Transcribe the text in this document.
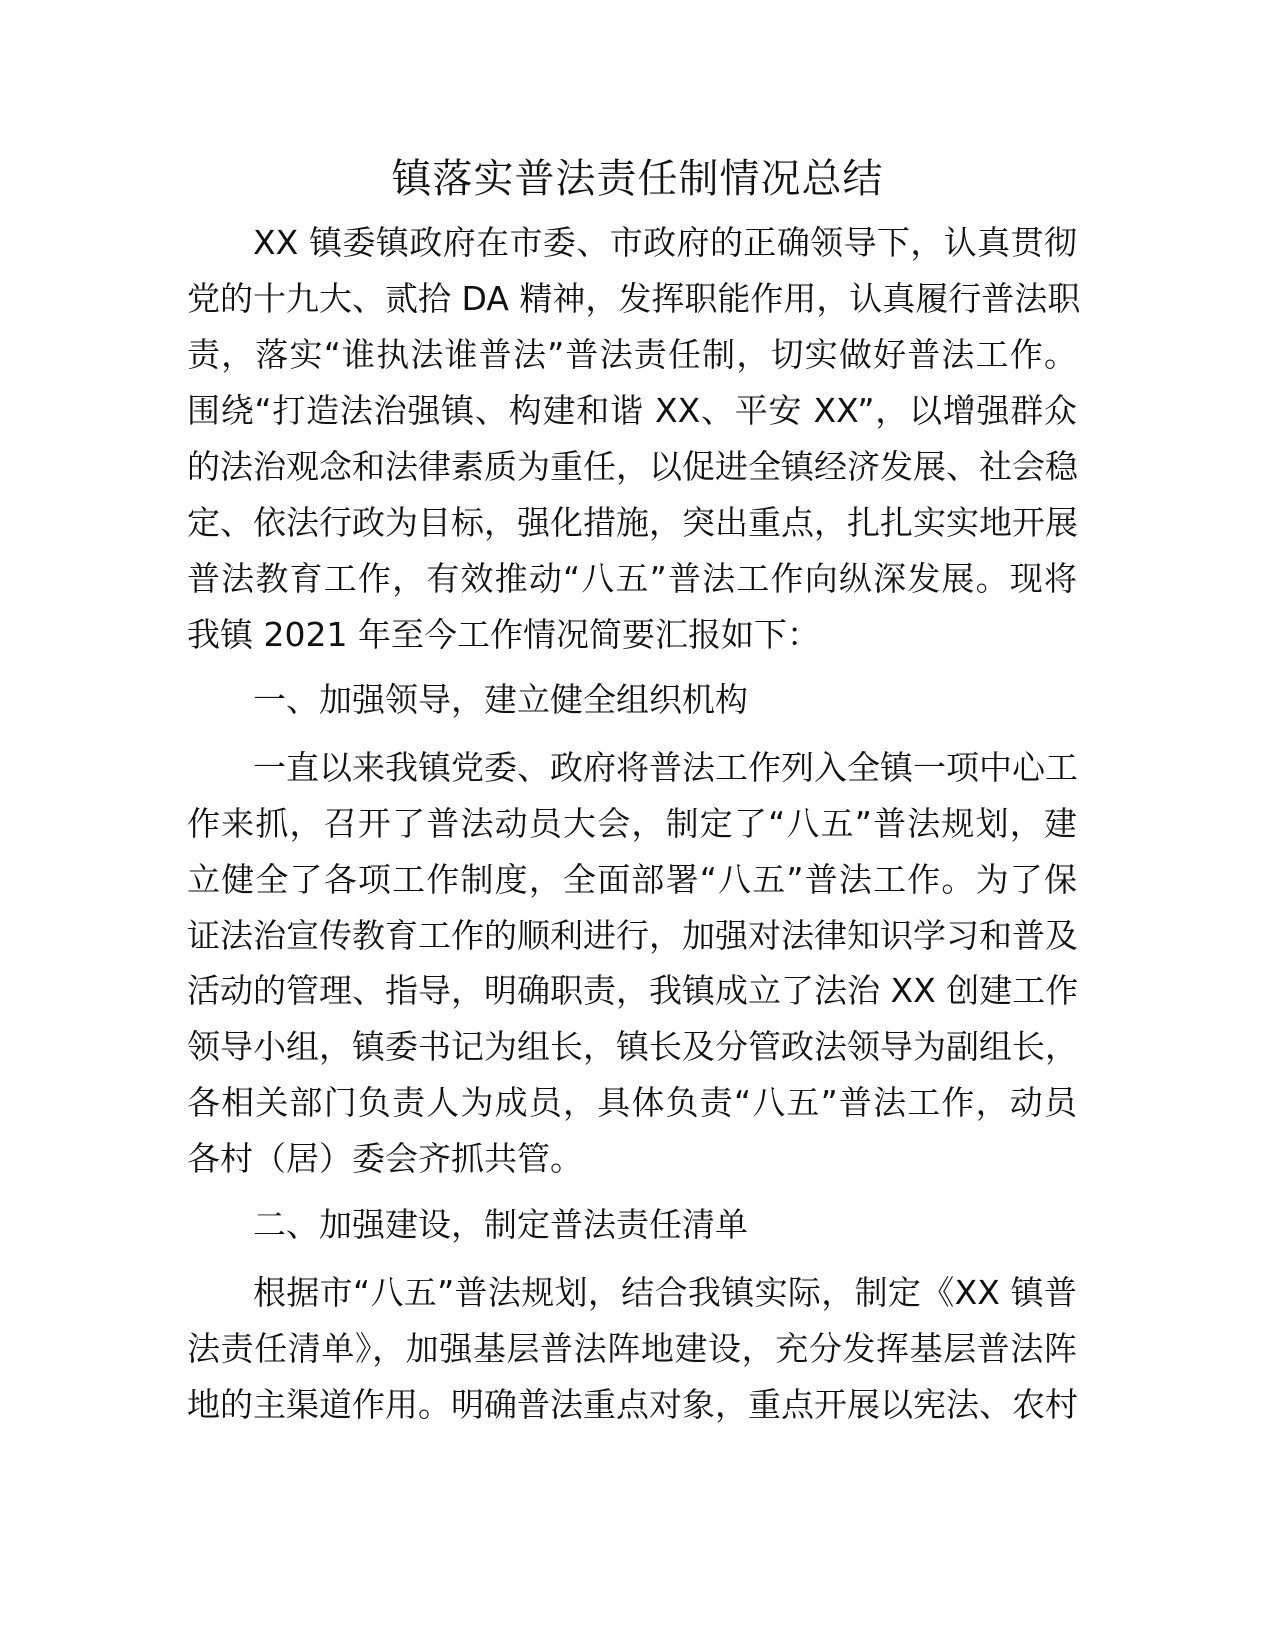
镇落实普法责任制情况总结
XX 镇委镇政府在市委、市政府的正确领导下，认真贯彻
党的十九大、贰拾 DA 精神，发挥职能作用，认真履行普法职
责，落实“谁执法谁普法”普法责任制，切实做好普法工作。
围绕“打造法治强镇、构建和谐 XX、平安 XX”，以增强群众
的法治观念和法律素质为重任，以促进全镇经济发展、社会稳
定、依法行政为目标，强化措施，突出重点，扎扎实实地开展
普法教育工作，有效推动“八五”普法工作向纵深发展。现将
我镇 2021 年至今工作情况简要汇报如下：
一、加强领导，建立健全组织机构
一直以来我镇党委、政府将普法工作列入全镇一项中心工
作来抓，召开了普法动员大会，制定了“八五”普法规划，建
立健全了各项工作制度，全面部署“八五”普法工作。为了保
证法治宣传教育工作的顺利进行，加强对法律知识学习和普及
活动的管理、指导，明确职责，我镇成立了法治 XX 创建工作
领导小组，镇委书记为组长，镇长及分管政法领导为副组长，
各相关部门负责人为成员，具体负责“八五”普法工作，动员
各村（居）委会齐抓共管。
二、加强建设，制定普法责任清单
根据市“八五”普法规划，结合我镇实际，制定《XX 镇普
法责任清单》，加强基层普法阵地建设，充分发挥基层普法阵
地的主渠道作用。明确普法重点对象，重点开展以宪法、农村
